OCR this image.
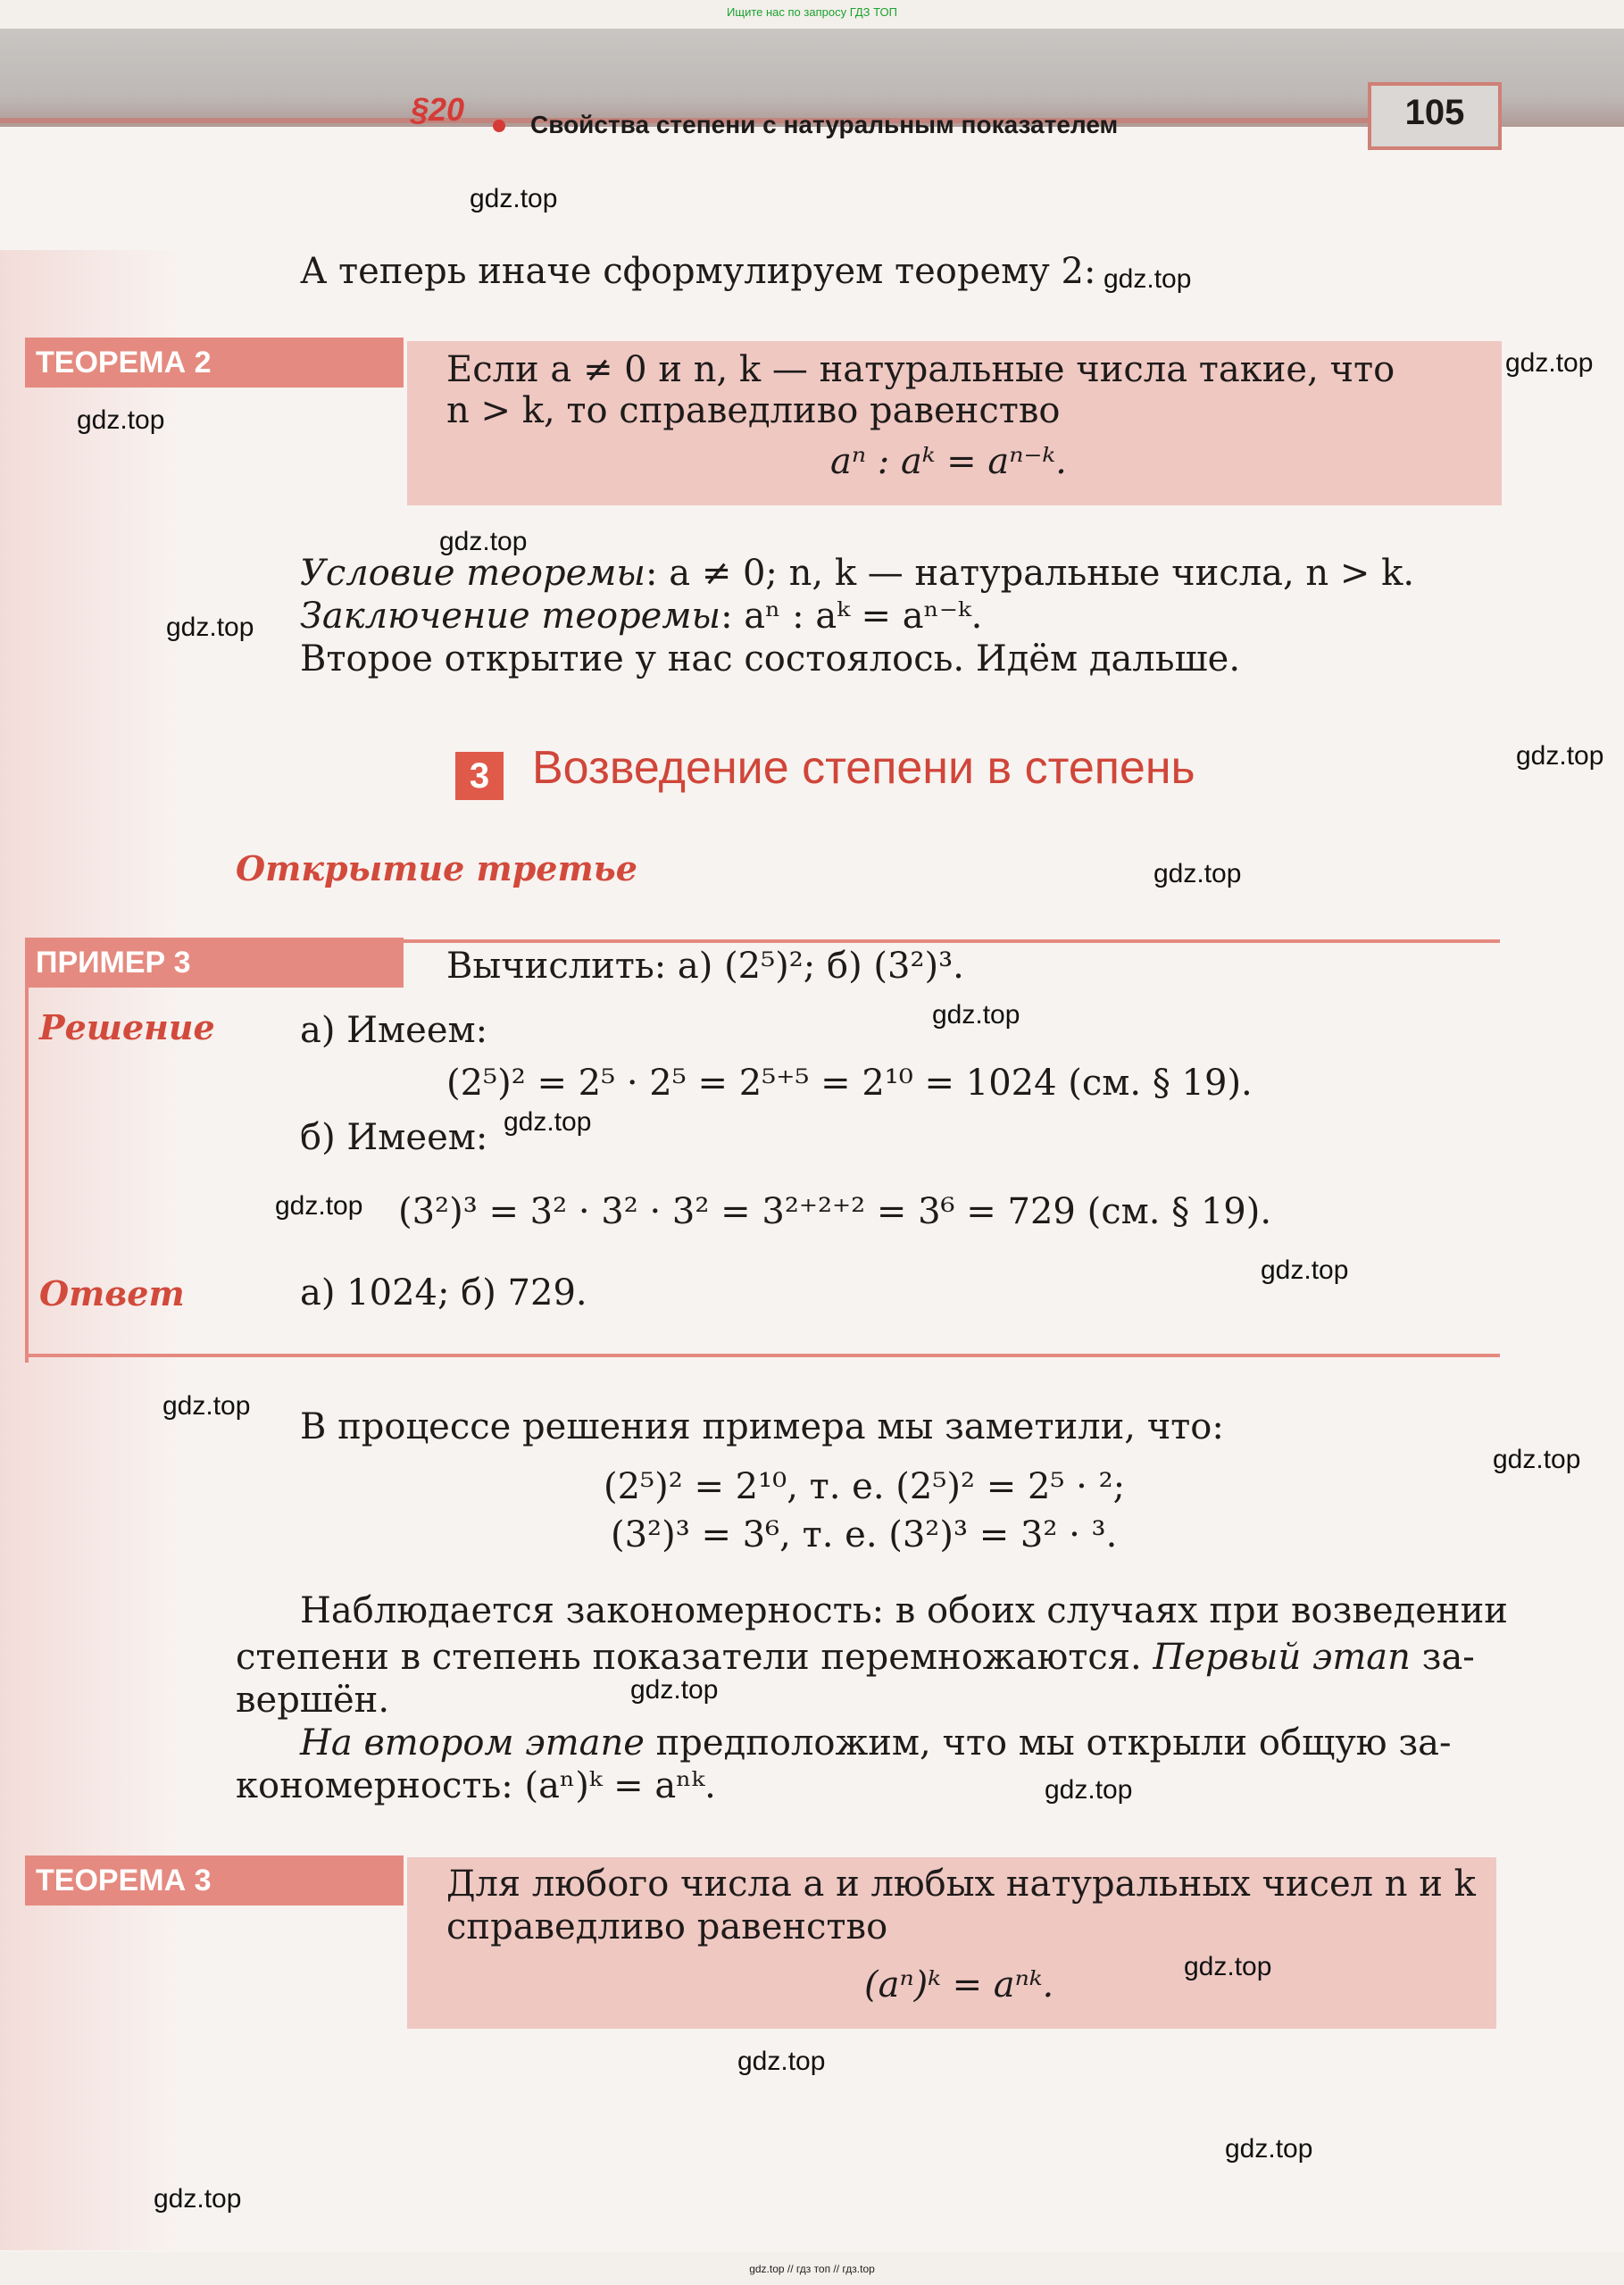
Ищите нас по запросу ГДЗ ТОП
§20	Свойства степени с натуральным показателем	105
А теперь иначе сформулируем теорему 2:
ТЕОРЕМА 2	Если a ≠ 0 и n, k — натуральные числа такие, что
n > k, то справедливо равенство
aⁿ : aᵏ = aⁿ⁻ᵏ.
Условие теоремы: a ≠ 0; n, k — натуральные числа, n > k.
Заключение теоремы: aⁿ : aᵏ = aⁿ⁻ᵏ.
Второе открытие у нас состоялось. Идём дальше.
3 Возведение степени в степень
Открытие третье
ПРИМЕР 3	Вычислить: а) (2⁵)²; б) (3²)³.
Решение а) Имеем:
(2⁵)² = 2⁵ · 2⁵ = 2⁵⁺⁵ = 2¹⁰ = 1024 (см. § 19).
б) Имеем:
(3²)³ = 3² · 3² · 3² = 3²⁺²⁺² = 3⁶ = 729 (см. § 19).
Ответ	а) 1024; б) 729.
В процессе решения примера мы заметили, что:
(2⁵)² = 2¹⁰, т. е. (2⁵)² = 2⁵ · ²;
(3²)³ = 3⁶, т. е. (3²)³ = 3² · ³.
Наблюдается закономерность: в обоих случаях при возведении
степени в степень показатели перемножаются. Первый этап за-
вершён.
На втором этапе предположим, что мы открыли общую за-
кономерность: (aⁿ)ᵏ = aⁿᵏ.
ТЕОРЕМА 3	Для любого числа a и любых натуральных чисел n и k
справедливо равенство
(aⁿ)ᵏ = aⁿᵏ.
gdz.top
gdz.top
gdz.top
gdz.top
gdz.top
gdz.top
gdz.top
gdz.top
gdz.top
gdz.top
gdz.top
gdz.top
gdz.top
gdz.top
gdz.top
gdz.top
gdz.top
gdz.top
gdz.top
gdz.top
gdz.top // гдз топ // гдз.top
